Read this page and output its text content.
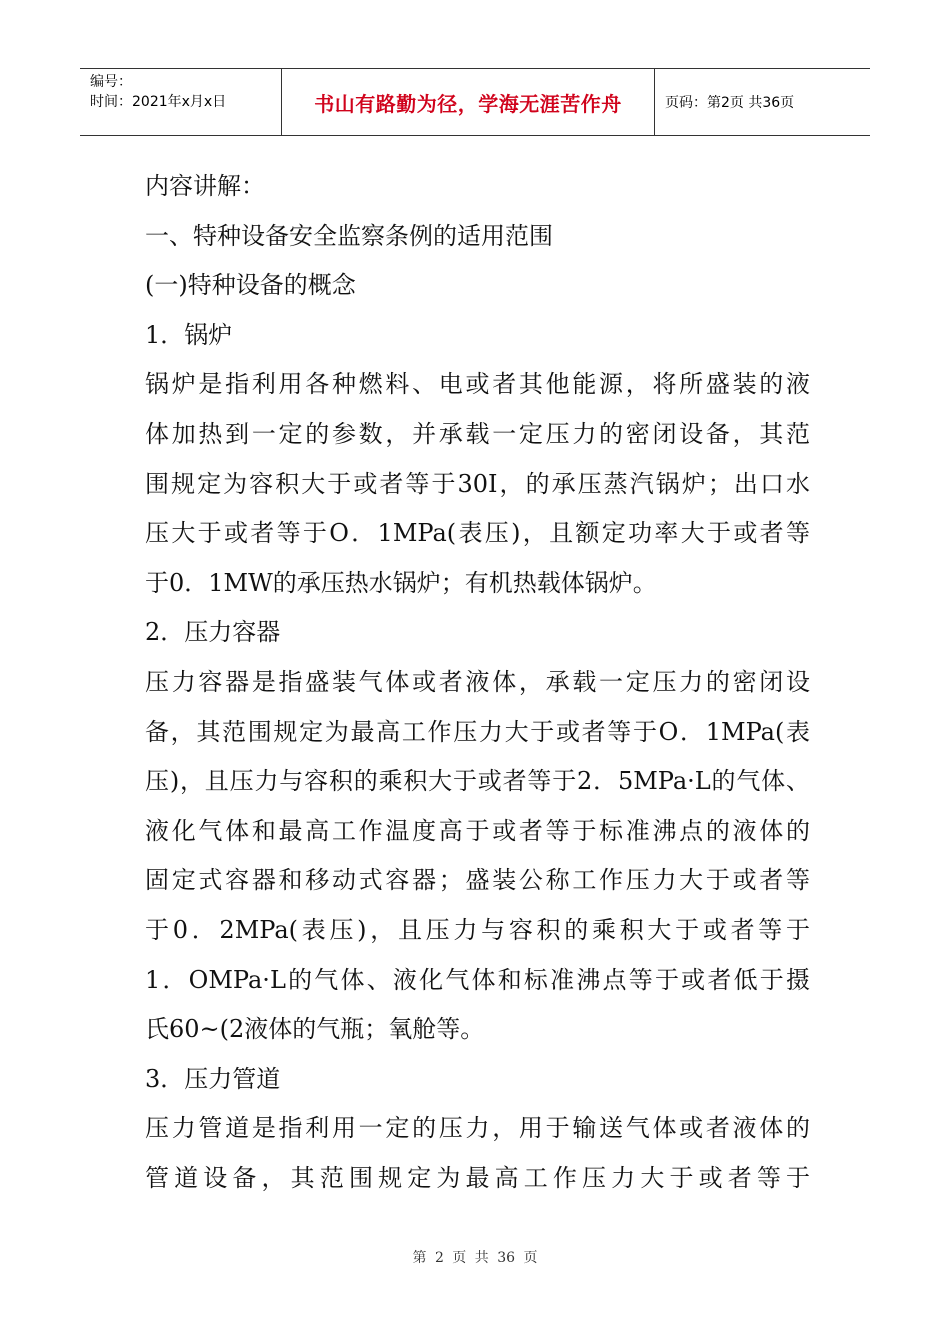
编号：
时间：2021年x月x日	书山有路勤为径，学海无涯苦作舟	页码：第2页 共36页

内容讲解：

一、特种设备安全监察条例的适用范围

(一)特种设备的概念

1．锅炉

锅炉是指利用各种燃料、电或者其他能源，将所盛装的液

体加热到一定的参数，并承载一定压力的密闭设备，其范

围规定为容积大于或者等于30I，的承压蒸汽锅炉；出口水

压大于或者等于O．1MPa(表压)，且额定功率大于或者等

于0．1MW的承压热水锅炉；有机热载体锅炉。

2．压力容器

压力容器是指盛装气体或者液体，承载一定压力的密闭设

备，其范围规定为最高工作压力大于或者等于O．1MPa(表

压)，且压力与容积的乘积大于或者等于2．5MPa·L的气体、

液化气体和最高工作温度高于或者等于标准沸点的液体的

固定式容器和移动式容器；盛装公称工作压力大于或者等

于0．2MPa(表压)，且压力与容积的乘积大于或者等于

1．OMPa·L的气体、液化气体和标准沸点等于或者低于摄

氏60~(2液体的气瓶；氧舱等。

3．压力管道

压力管道是指利用一定的压力，用于输送气体或者液体的

管道设备，其范围规定为最高工作压力大于或者等于

第 2 页 共 36 页
